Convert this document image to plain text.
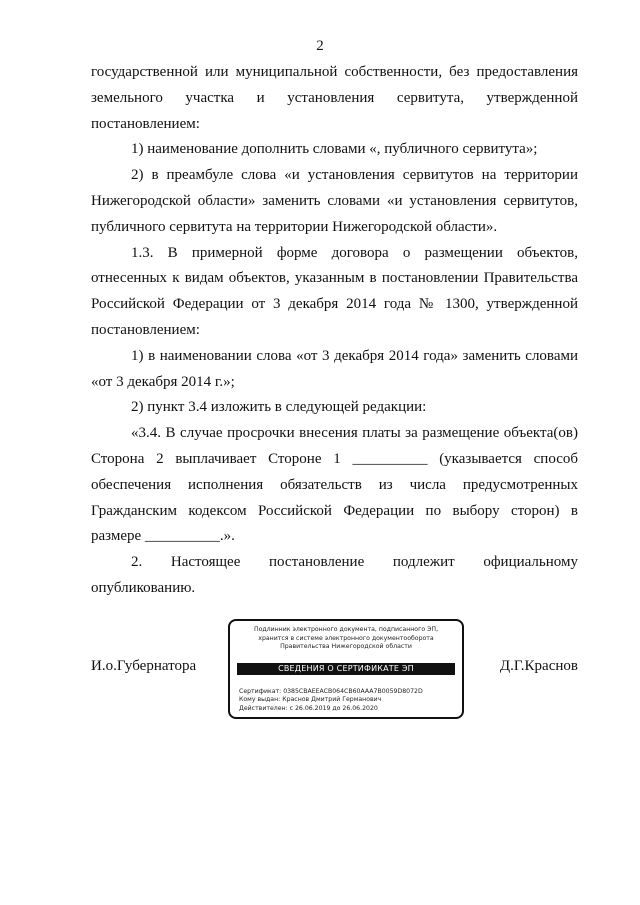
2

государственной или муниципальной собственности, без предоставления земельного участка и установления сервитута, утвержденной постановлением:

1) наименование дополнить словами «, публичного сервитута»;

2) в преамбуле слова «и установления сервитутов на территории Нижегородской области» заменить словами «и установления сервитутов, публичного сервитута на территории Нижегородской области».

1.3. В примерной форме договора о размещении объектов, отнесенных к видам объектов, указанным в постановлении Правительства Российской Федерации от 3 декабря 2014 года № 1300, утвержденной постановлением:

1) в наименовании слова «от 3 декабря 2014 года» заменить словами «от 3 декабря 2014 г.»;

2) пункт 3.4 изложить в следующей редакции:

«3.4. В случае просрочки внесения платы за размещение объекта(ов) Сторона 2 выплачивает Стороне 1 __________ (указывается способ обеспечения исполнения обязательств из числа предусмотренных Гражданским кодексом Российской Федерации по выбору сторон) в размере __________.».

2. Настоящее постановление подлежит официальному опубликованию.

И.о.Губернатора	Д.Г.Краснов
Подлинник электронного документа, подписанного ЭП,
хранится в системе электронного документооборота
Правительства Нижегородской области
СВЕДЕНИЯ О СЕРТИФИКАТЕ ЭП
Сертификат: 0385CBAEEACB064CB60AAA7B0059D8072D
Кому выдан: Краснов Дмитрий Германович
Действителен: с 26.06.2019 до 26.06.2020
